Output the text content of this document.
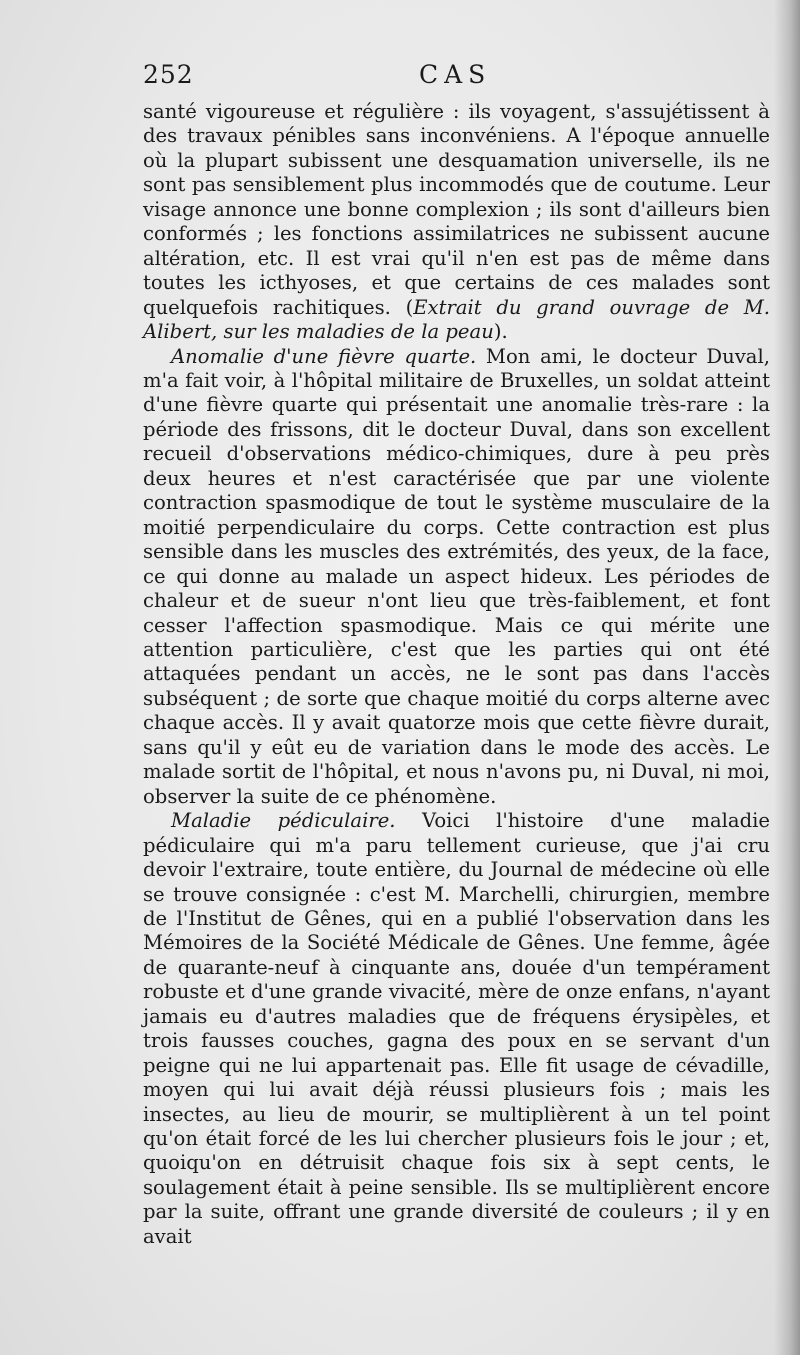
252	CAS

santé vigoureuse et régulière : ils voyagent, s'assujétissent à des travaux pénibles sans inconvéniens. A l'époque annuelle où la plupart subissent une desquamation universelle, ils ne sont pas sensiblement plus incommodés que de coutume. Leur visage annonce une bonne complexion ; ils sont d'ailleurs bien conformés ; les fonctions assimilatrices ne subissent aucune altération, etc. Il est vrai qu'il n'en est pas de même dans toutes les icthyoses, et que certains de ces malades sont quelquefois rachitiques. (Extrait du grand ouvrage de M. Alibert, sur les maladies de la peau).

Anomalie d'une fièvre quarte. Mon ami, le docteur Duval, m'a fait voir, à l'hôpital militaire de Bruxelles, un soldat atteint d'une fièvre quarte qui présentait une anomalie très-rare : la période des frissons, dit le docteur Duval, dans son excellent recueil d'observations médico-chimiques, dure à peu près deux heures et n'est caractérisée que par une violente contraction spasmodique de tout le système musculaire de la moitié perpendiculaire du corps. Cette contraction est plus sensible dans les muscles des extrémités, des yeux, de la face, ce qui donne au malade un aspect hideux. Les périodes de chaleur et de sueur n'ont lieu que très-faiblement, et font cesser l'affection spasmodique. Mais ce qui mérite une attention particulière, c'est que les parties qui ont été attaquées pendant un accès, ne le sont pas dans l'accès subséquent ; de sorte que chaque moitié du corps alterne avec chaque accès. Il y avait quatorze mois que cette fièvre durait, sans qu'il y eût eu de variation dans le mode des accès. Le malade sortit de l'hôpital, et nous n'avons pu, ni Duval, ni moi, observer la suite de ce phénomène.

Maladie pédiculaire. Voici l'histoire d'une maladie pédiculaire qui m'a paru tellement curieuse, que j'ai cru devoir l'extraire, toute entière, du Journal de médecine où elle se trouve consignée : c'est M. Marchelli, chirurgien, membre de l'Institut de Gênes, qui en a publié l'observation dans les Mémoires de la Société Médicale de Gênes. Une femme, âgée de quarante-neuf à cinquante ans, douée d'un tempérament robuste et d'une grande vivacité, mère de onze enfans, n'ayant jamais eu d'autres maladies que de fréquens érysipèles, et trois fausses couches, gagna des poux en se servant d'un peigne qui ne lui appartenait pas. Elle fit usage de cévadille, moyen qui lui avait déjà réussi plusieurs fois ; mais les insectes, au lieu de mourir, se multiplièrent à un tel point qu'on était forcé de les lui chercher plusieurs fois le jour ; et, quoiqu'on en détruisit chaque fois six à sept cents, le soulagement était à peine sensible. Ils se multiplièrent encore par la suite, offrant une grande diversité de couleurs ; il y en avait
